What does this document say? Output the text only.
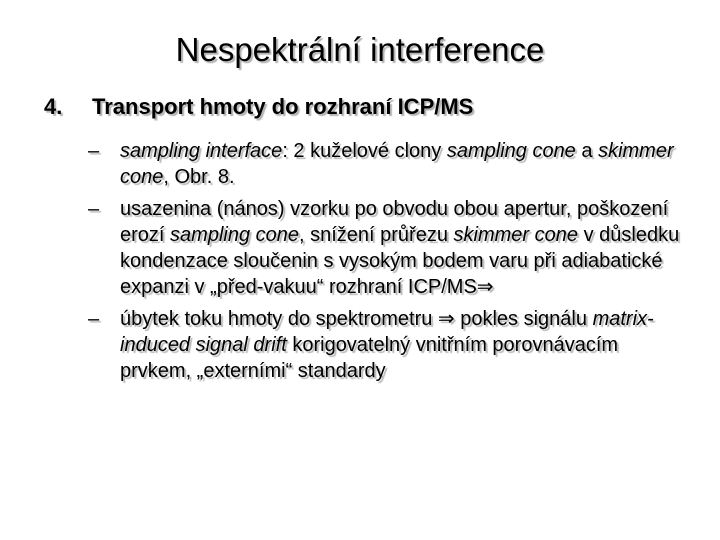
Nespektrální interference
4. Transport hmoty do rozhraní ICP/MS
– sampling interface: 2 kuželové clony sampling cone a skimmer cone, Obr. 8.
– usazenina (nános) vzorku po obvodu obou apertur, poškození erozí sampling cone, snížení průřezu skimmer cone v důsledku kondenzace sloučenin s vysokým bodem varu při adiabatické expanzi v „před-vakuu“ rozhraní ICP/MS⇒
– úbytek toku hmoty do spektrometru ⇒ pokles signálu matrix-induced signal drift korigovatelný vnitřním porovnávacím prvkem, „externími“ standardy
